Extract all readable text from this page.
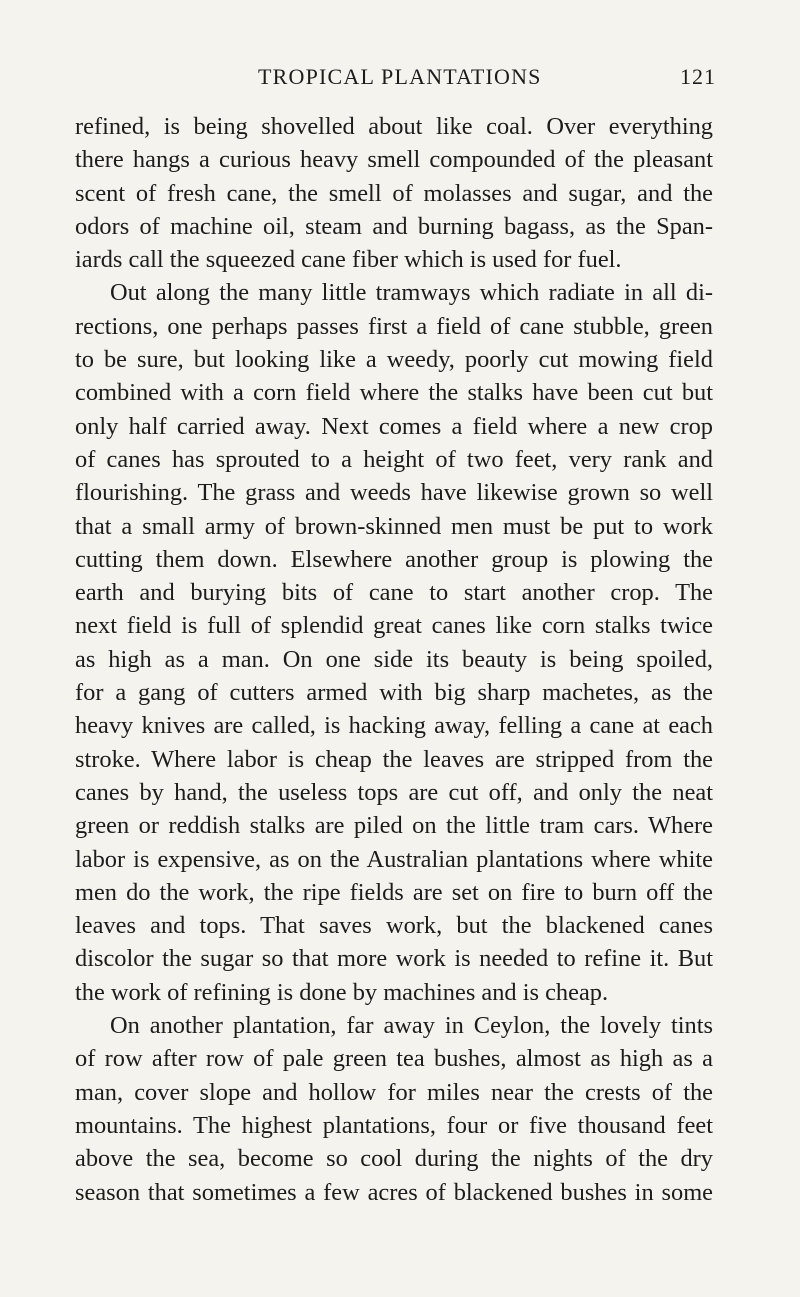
TROPICAL PLANTATIONS	121
refined, is being shovelled about like coal. Over everything
there hangs a curious heavy smell compounded of the pleasant
scent of fresh cane, the smell of molasses and sugar, and the
odors of machine oil, steam and burning bagass, as the Span-
iards call the squeezed cane fiber which is used for fuel.
Out along the many little tramways which radiate in all di-
rections, one perhaps passes first a field of cane stubble, green
to be sure, but looking like a weedy, poorly cut mowing field
combined with a corn field where the stalks have been cut but
only half carried away. Next comes a field where a new crop
of canes has sprouted to a height of two feet, very rank and
flourishing. The grass and weeds have likewise grown so well
that a small army of brown-skinned men must be put to work
cutting them down. Elsewhere another group is plowing the
earth and burying bits of cane to start another crop. The
next field is full of splendid great canes like corn stalks twice
as high as a man. On one side its beauty is being spoiled,
for a gang of cutters armed with big sharp machetes, as the
heavy knives are called, is hacking away, felling a cane at each
stroke. Where labor is cheap the leaves are stripped from the
canes by hand, the useless tops are cut off, and only the neat
green or reddish stalks are piled on the little tram cars. Where
labor is expensive, as on the Australian plantations where white
men do the work, the ripe fields are set on fire to burn off the
leaves and tops. That saves work, but the blackened canes
discolor the sugar so that more work is needed to refine it. But
the work of refining is done by machines and is cheap.
On another plantation, far away in Ceylon, the lovely tints
of row after row of pale green tea bushes, almost as high as a
man, cover slope and hollow for miles near the crests of the
mountains. The highest plantations, four or five thousand feet
above the sea, become so cool during the nights of the dry
season that sometimes a few acres of blackened bushes in some
